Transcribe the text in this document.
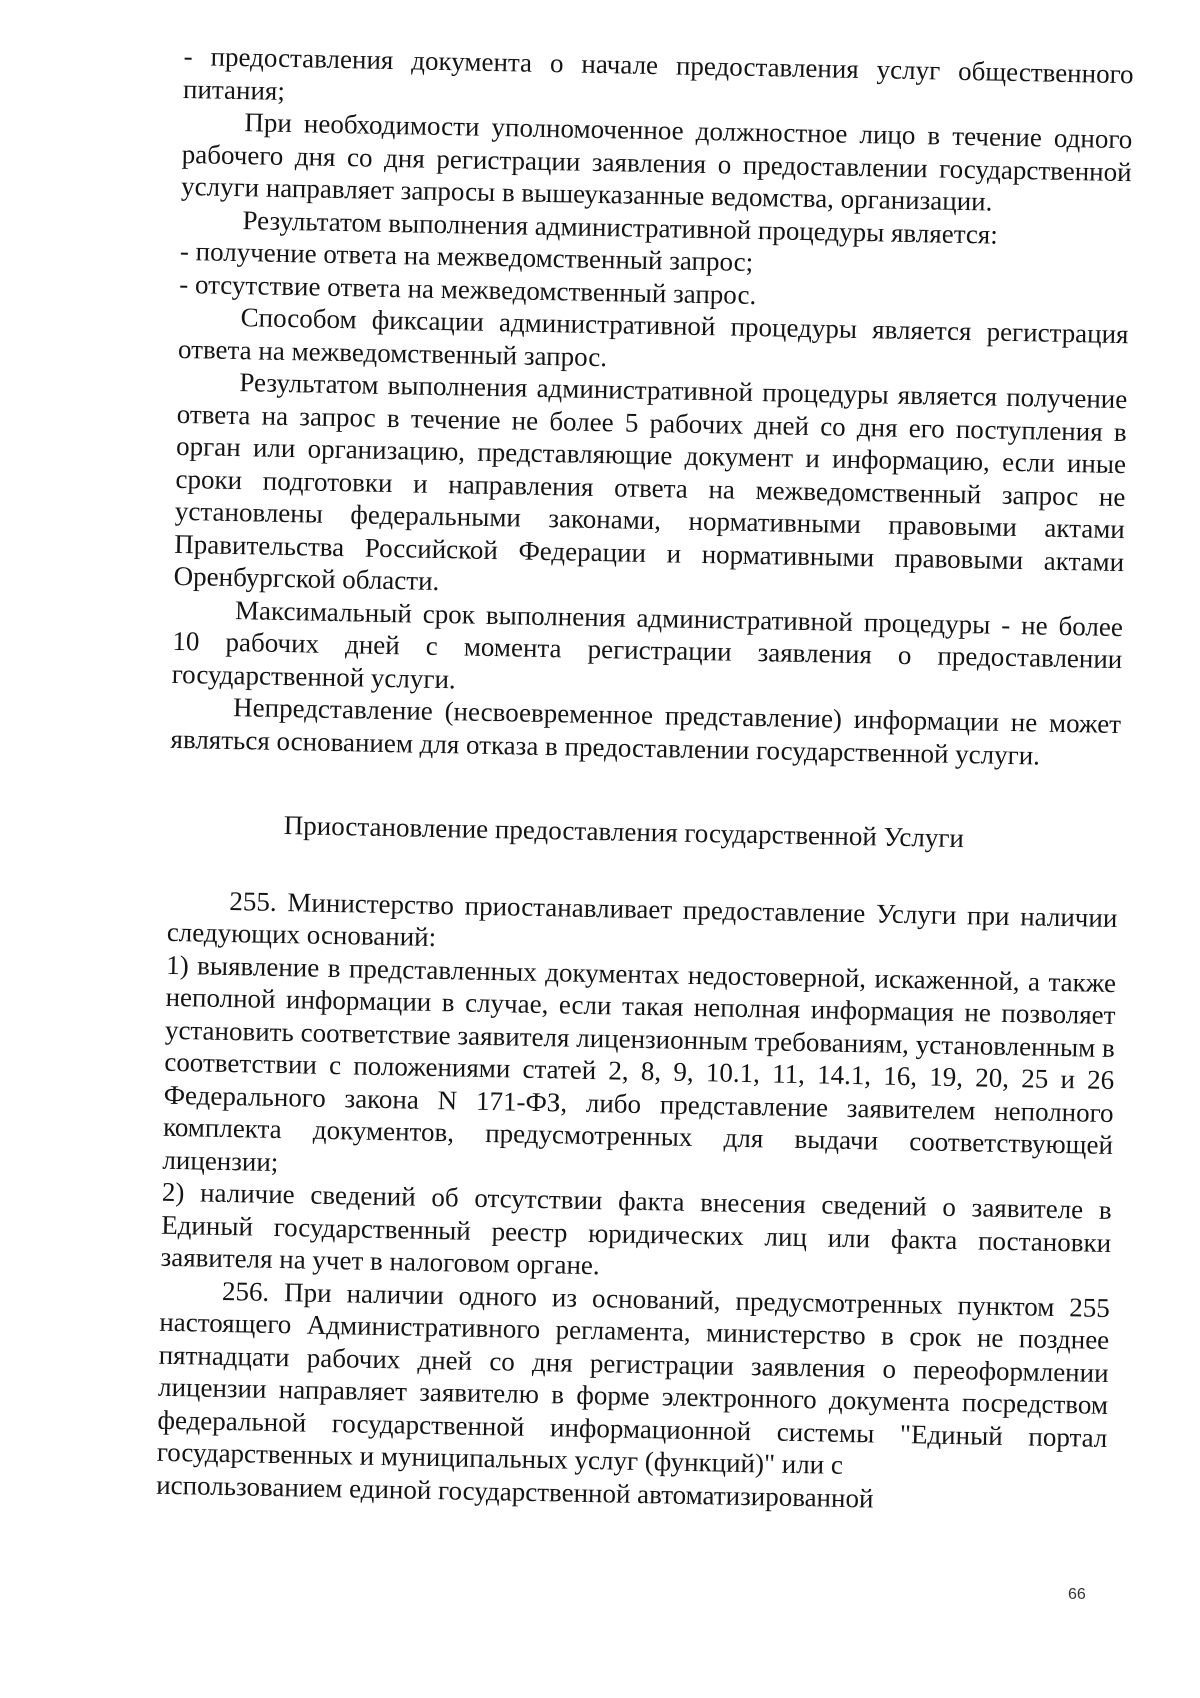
- предоставления документа о начале предоставления услуг общественного питания;

При необходимости уполномоченное должностное лицо в течение одного рабочего дня со дня регистрации заявления о предоставлении государственной услуги направляет запросы в вышеуказанные ведомства, организации.

Результатом выполнения административной процедуры является:

- получение ответа на межведомственный запрос;

- отсутствие ответа на межведомственный запрос.

Способом фиксации административной процедуры является регистрация ответа на межведомственный запрос.

Результатом выполнения административной процедуры является получение ответа на запрос в течение не более 5 рабочих дней со дня его поступления в орган или организацию, представляющие документ и информацию, если иные сроки подготовки и направления ответа на межведомственный запрос не установлены федеральными законами, нормативными правовыми актами Правительства Российской Федерации и нормативными правовыми актами Оренбургской области.

Максимальный срок выполнения административной процедуры - не более 10 рабочих дней с момента регистрации заявления о предоставлении государственной услуги.

Непредставление (несвоевременное представление) информации не может являться основанием для отказа в предоставлении государственной услуги.

Приостановление предоставления государственной Услуги

255. Министерство приостанавливает предоставление Услуги при наличии следующих оснований:

1) выявление в представленных документах недостоверной, искаженной, а также неполной информации в случае, если такая неполная информация не позволяет установить соответствие заявителя лицензионным требованиям, установленным в соответствии с положениями статей 2, 8, 9, 10.1, 11, 14.1, 16, 19, 20, 25 и 26 Федерального закона N 171-ФЗ, либо представление заявителем неполного комплекта документов, предусмотренных для выдачи соответствующей лицензии;

2) наличие сведений об отсутствии факта внесения сведений о заявителе в Единый государственный реестр юридических лиц или факта постановки заявителя на учет в налоговом органе.

256. При наличии одного из оснований, предусмотренных пунктом 255 настоящего Административного регламента, министерство в срок не позднее пятнадцати рабочих дней со дня регистрации заявления о переоформлении лицензии направляет заявителю в форме электронного документа посредством федеральной государственной информационной системы "Единый портал государственных и муниципальных услуг (функций)" или с

использованием единой государственной автоматизированной

66
